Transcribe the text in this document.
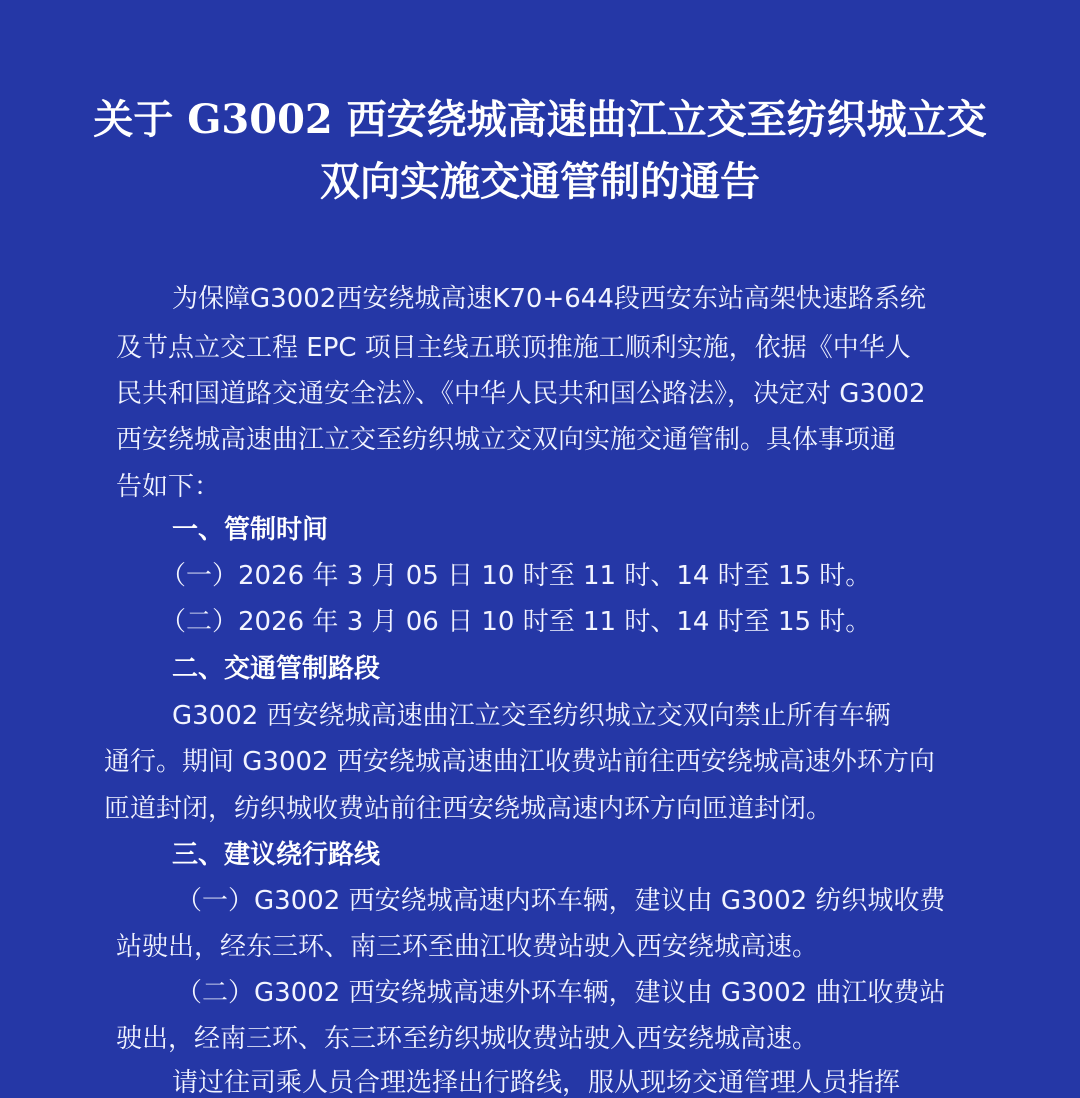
关于 G3002 西安绕城高速曲江立交至纺织城立交
双向实施交通管制的通告
为保障G3002西安绕城高速K70+644段西安东站高架快速路系统
及节点立交工程 EPC 项目主线五联顶推施工顺利实施，依据《中华人
民共和国道路交通安全法》、《中华人民共和国公路法》，决定对 G3002
西安绕城高速曲江立交至纺织城立交双向实施交通管制。具体事项通
告如下：
一、管制时间
（一）2026 年 3 月 05 日 10 时至 11 时、14 时至 15 时。
（二）2026 年 3 月 06 日 10 时至 11 时、14 时至 15 时。
二、交通管制路段
G3002 西安绕城高速曲江立交至纺织城立交双向禁止所有车辆
通行。期间 G3002 西安绕城高速曲江收费站前往西安绕城高速外环方向
匝道封闭，纺织城收费站前往西安绕城高速内环方向匝道封闭。
三、建议绕行路线
（一）G3002 西安绕城高速内环车辆，建议由 G3002 纺织城收费
站驶出，经东三环、南三环至曲江收费站驶入西安绕城高速。
（二）G3002 西安绕城高速外环车辆，建议由 G3002 曲江收费站
驶出，经南三环、东三环至纺织城收费站驶入西安绕城高速。
请过往司乘人员合理选择出行路线，服从现场交通管理人员指挥
